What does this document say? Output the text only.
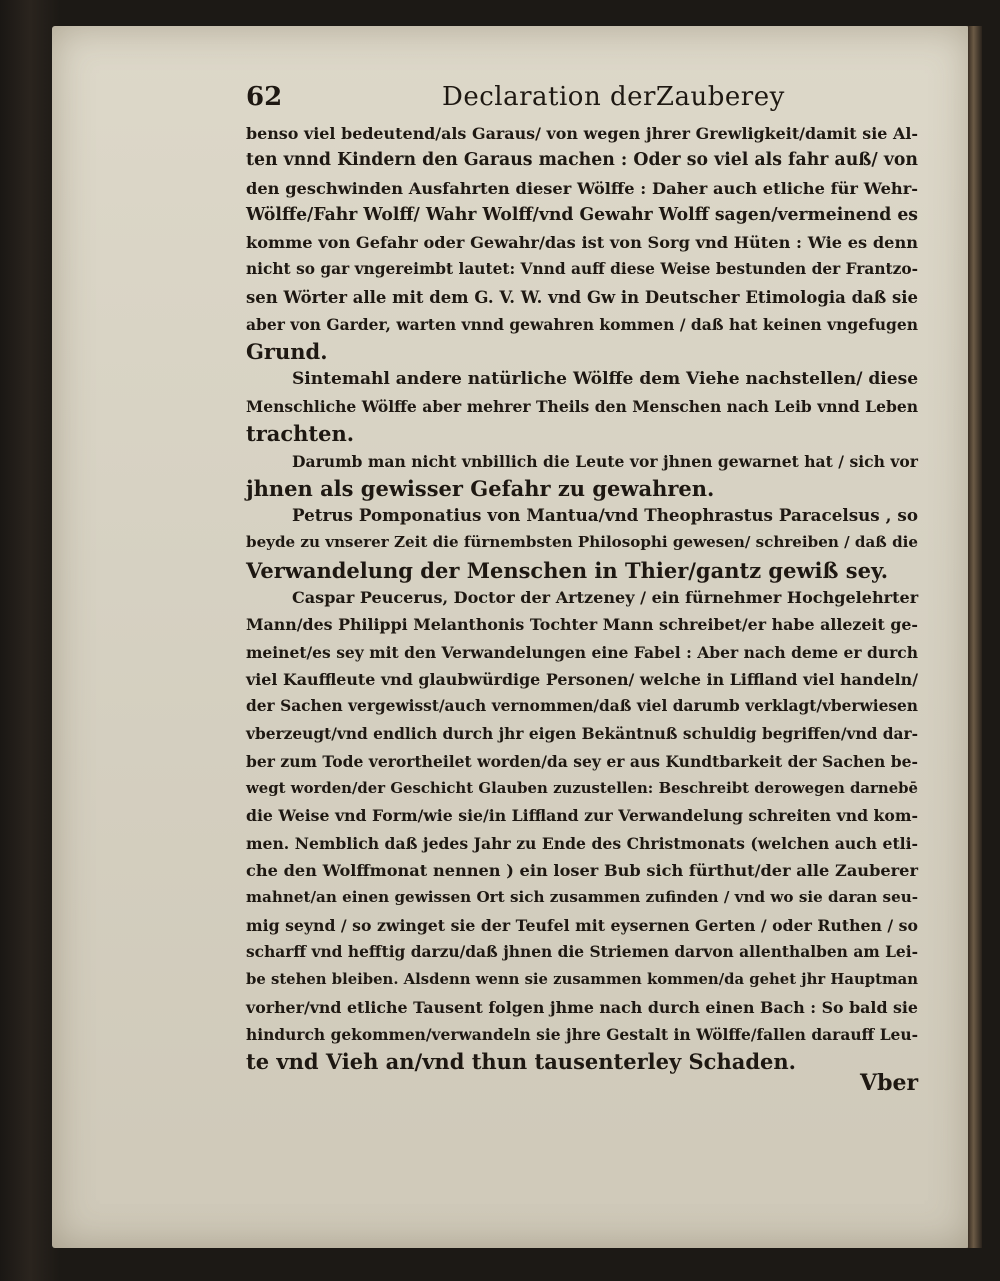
62	Declaration derZauberey

benso viel bedeutend/als Garaus/ von wegen jhrer Grewligkeit/damit sie Al-
ten vnnd Kindern den Garaus machen : Oder so viel als fahr auß/ von
den geschwinden Ausfahrten dieser Wölffe : Daher auch etliche für Wehr-
Wölffe/Fahr Wolff/ Wahr Wolff/vnd Gewahr Wolff sagen/vermeinend es
komme von Gefahr oder Gewahr/das ist von Sorg vnd Hüten : Wie es denn
nicht so gar vngereimbt lautet: Vnnd auff diese Weise bestunden der Frantzo-
sen Wörter alle mit dem G. V. W. vnd Gw in Deutscher Etimologia daß sie
aber von Garder, warten vnnd gewahren kommen / daß hat keinen vngefugen
Grund.

Sintemahl andere natürliche Wölffe dem Viehe nachstellen/ diese
Menschliche Wölffe aber mehrer Theils den Menschen nach Leib vnnd Leben
trachten.

Darumb man nicht vnbillich die Leute vor jhnen gewarnet hat / sich vor
jhnen als gewisser Gefahr zu gewahren.

Petrus Pomponatius von Mantua/vnd Theophrastus Paracelsus , so
beyde zu vnserer Zeit die fürnembsten Philosophi gewesen/ schreiben / daß die
Verwandelung der Menschen in Thier/gantz gewiß sey.

Caspar Peucerus, Doctor der Artzeney / ein fürnehmer Hochgelehrter
Mann/des Philippi Melanthonis Tochter Mann schreibet/er habe allezeit ge-
meinet/es sey mit den Verwandelungen eine Fabel : Aber nach deme er durch
viel Kauffleute vnd glaubwürdige Personen/ welche in Liffland viel handeln/
der Sachen vergewisst/auch vernommen/daß viel darumb verklagt/vberwiesen
vberzeugt/vnd endlich durch jhr eigen Bekäntnuß schuldig begriffen/vnd dar-
ber zum Tode verortheilet worden/da sey er aus Kundtbarkeit der Sachen be-
wegt worden/der Geschicht Glauben zuzustellen: Beschreibt derowegen darnebē
die Weise vnd Form/wie sie/in Liffland zur Verwandelung schreiten vnd kom-
men. Nemblich daß jedes Jahr zu Ende des Christmonats (welchen auch etli-
che den Wolffmonat nennen ) ein loser Bub sich fürthut/der alle Zauberer
mahnet/an einen gewissen Ort sich zusammen zufinden / vnd wo sie daran seu-
mig seynd / so zwinget sie der Teufel mit eysernen Gerten / oder Ruthen / so
scharff vnd hefftig darzu/daß jhnen die Striemen darvon allenthalben am Lei-
be stehen bleiben. Alsdenn wenn sie zusammen kommen/da gehet jhr Hauptman
vorher/vnd etliche Tausent folgen jhme nach durch einen Bach : So bald sie
hindurch gekommen/verwandeln sie jhre Gestalt in Wölffe/fallen darauff Leu-
te vnd Vieh an/vnd thun tausenterley Schaden.

Vber
